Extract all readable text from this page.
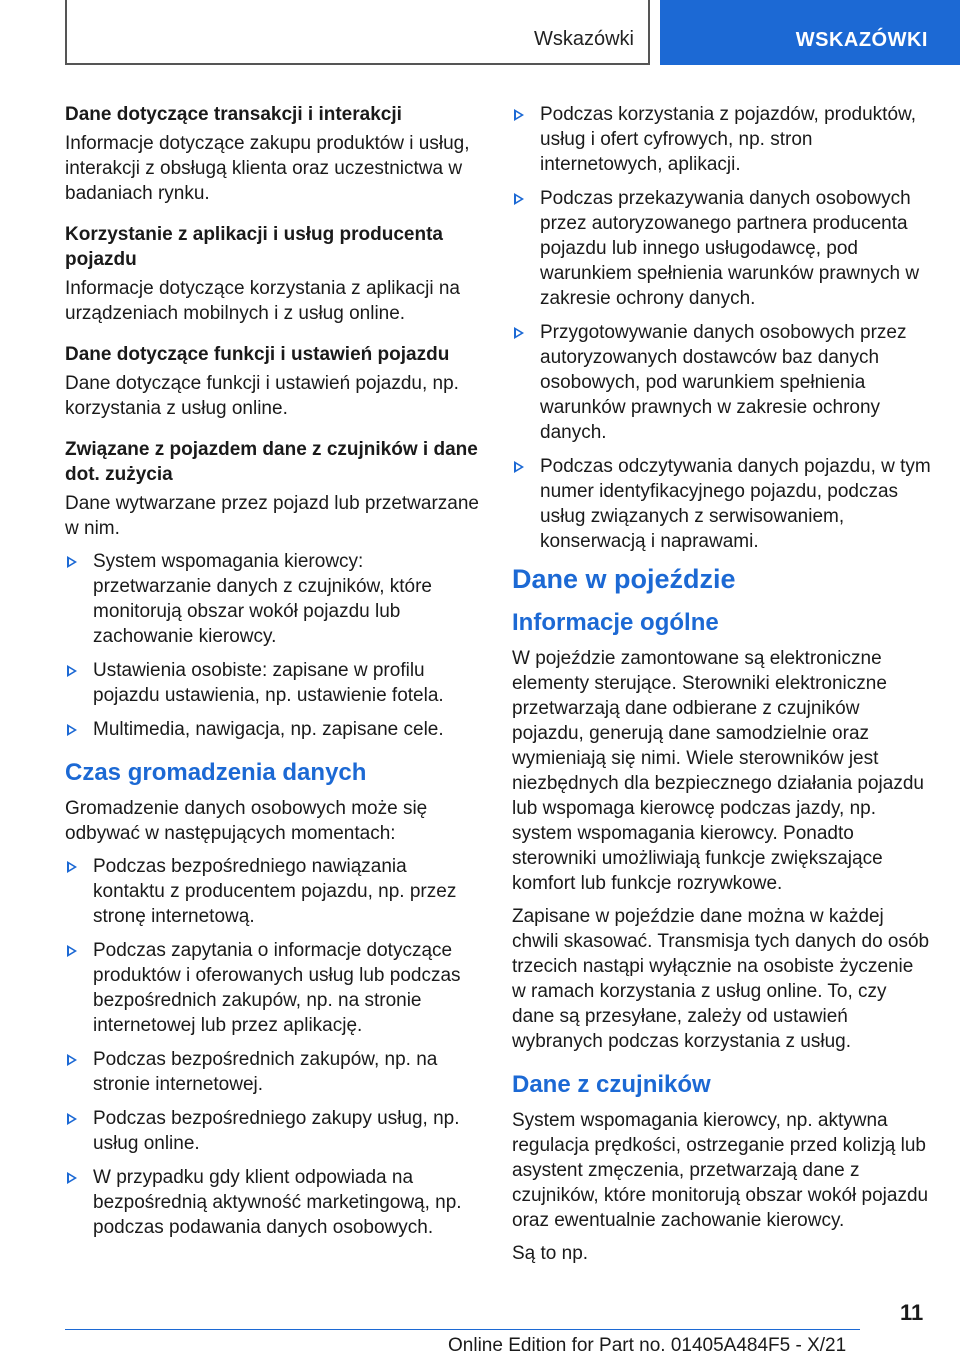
Wskazówki	WSKAZÓWKI
Dane dotyczące transakcji i interakcji

Informacje dotyczące zakupu produktów i usług, interakcji z obsługą klienta oraz uczestnictwa w badaniach rynku.

Korzystanie z aplikacji i usług producenta pojazdu

Informacje dotyczące korzystania z aplikacji na urządzeniach mobilnych i z usług online.

Dane dotyczące funkcji i ustawień pojazdu

Dane dotyczące funkcji i ustawień pojazdu, np. korzystania z usług online.

Związane z pojazdem dane z czujników i dane dot. zużycia

Dane wytwarzane przez pojazd lub przetwarzane w nim.

System wspomagania kierowcy: przetwarzanie danych z czujników, które monitorują obszar wokół pojazdu lub zachowanie kierowcy.
Ustawienia osobiste: zapisane w profilu pojazdu ustawienia, np. ustawienie fotela.
Multimedia, nawigacja, np. zapisane cele.
Czas gromadzenia danych

Gromadzenie danych osobowych może się odbywać w następujących momentach:

Podczas bezpośredniego nawiązania kontaktu z producentem pojazdu, np. przez stronę internetową.
Podczas zapytania o informacje dotyczące produktów i oferowanych usług lub podczas bezpośrednich zakupów, np. na stronie internetowej lub przez aplikację.
Podczas bezpośrednich zakupów, np. na stronie internetowej.
Podczas bezpośredniego zakupy usług, np. usług online.
W przypadku gdy klient odpowiada na bezpośrednią aktywność marketingową, np. podczas podawania danych osobowych.
Podczas korzystania z pojazdów, produktów, usług i ofert cyfrowych, np. stron internetowych, aplikacji.
Podczas przekazywania danych osobowych przez autoryzowanego partnera producenta pojazdu lub innego usługodawcę, pod warunkiem spełnienia warunków prawnych w zakresie ochrony danych.
Przygotowywanie danych osobowych przez autoryzowanych dostawców baz danych osobowych, pod warunkiem spełnienia warunków prawnych w zakresie ochrony danych.
Podczas odczytywania danych pojazdu, w tym numer identyfikacyjnego pojazdu, podczas usług związanych z serwisowaniem, konserwacją i naprawami.
Dane w pojeździe
Informacje ogólne

W pojeździe zamontowane są elektroniczne elementy sterujące. Sterowniki elektroniczne przetwarzają dane odbierane z czujników pojazdu, generują dane samodzielnie oraz wymieniają się nimi. Wiele sterowników jest niezbędnych dla bezpiecznego działania pojazdu lub wspomaga kierowcę podczas jazdy, np. system wspomagania kierowcy. Ponadto sterowniki umożliwiają funkcje zwiększające komfort lub funkcje rozrywkowe.

Zapisane w pojeździe dane można w każdej chwili skasować. Transmisja tych danych do osób trzecich nastąpi wyłącznie na osobiste życzenie w ramach korzystania z usług online. To, czy dane są przesyłane, zależy od ustawień wybranych podczas korzystania z usług.

Dane z czujników

System wspomagania kierowcy, np. aktywna regulacja prędkości, ostrzeganie przed kolizją lub asystent zmęczenia, przetwarzają dane z czujników, które monitorują obszar wokół pojazdu oraz ewentualnie zachowanie kierowcy.

Są to np.

11
Online Edition for Part no. 01405A484F5 - X/21
